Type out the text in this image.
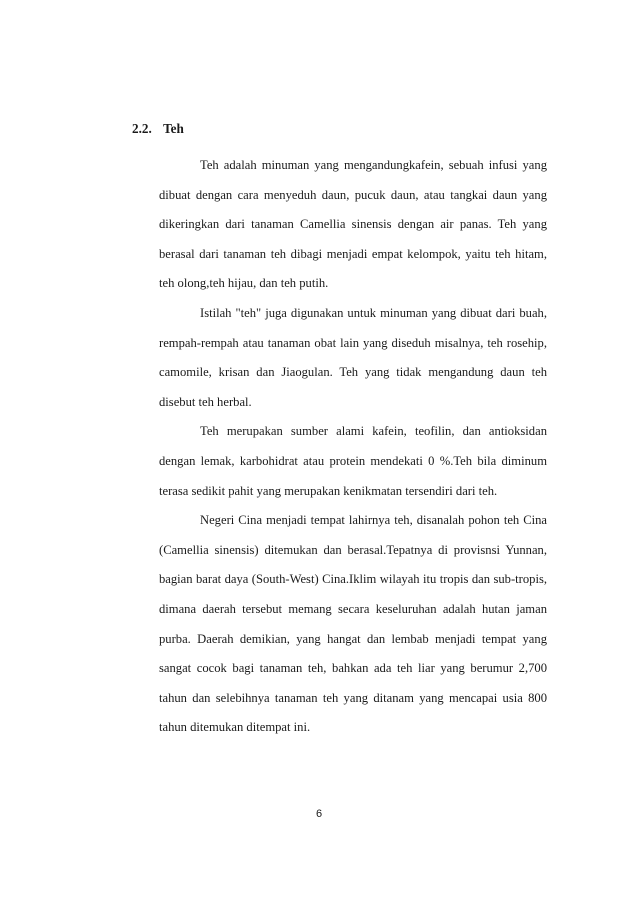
2.2. Teh

Teh adalah minuman yang mengandungkafein, sebuah infusi yang dibuat dengan cara menyeduh daun, pucuk daun, atau tangkai daun yang dikeringkan dari tanaman Camellia sinensis dengan air panas. Teh yang berasal dari tanaman teh dibagi menjadi empat kelompok, yaitu teh hitam, teh olong,teh hijau, dan teh putih.

Istilah "teh" juga digunakan untuk minuman yang dibuat dari buah, rempah-rempah atau tanaman obat lain yang diseduh misalnya, teh rosehip, camomile, krisan dan Jiaogulan. Teh yang tidak mengandung daun teh disebut teh herbal.

Teh merupakan sumber alami kafein, teofilin, dan antioksidan dengan lemak, karbohidrat atau protein mendekati 0 %.Teh bila diminum terasa sedikit pahit yang merupakan kenikmatan tersendiri dari teh.

Negeri Cina menjadi tempat lahirnya teh, disanalah pohon teh Cina (Camellia sinensis) ditemukan dan berasal.Tepatnya di provisnsi Yunnan, bagian barat daya (South-West) Cina.Iklim wilayah itu tropis dan sub-tropis, dimana daerah tersebut memang secara keseluruhan adalah hutan jaman purba. Daerah demikian, yang hangat dan lembab menjadi tempat yang sangat cocok bagi tanaman teh, bahkan ada teh liar yang berumur 2,700 tahun dan selebihnya tanaman teh yang ditanam yang mencapai usia 800 tahun ditemukan ditempat ini.

6
